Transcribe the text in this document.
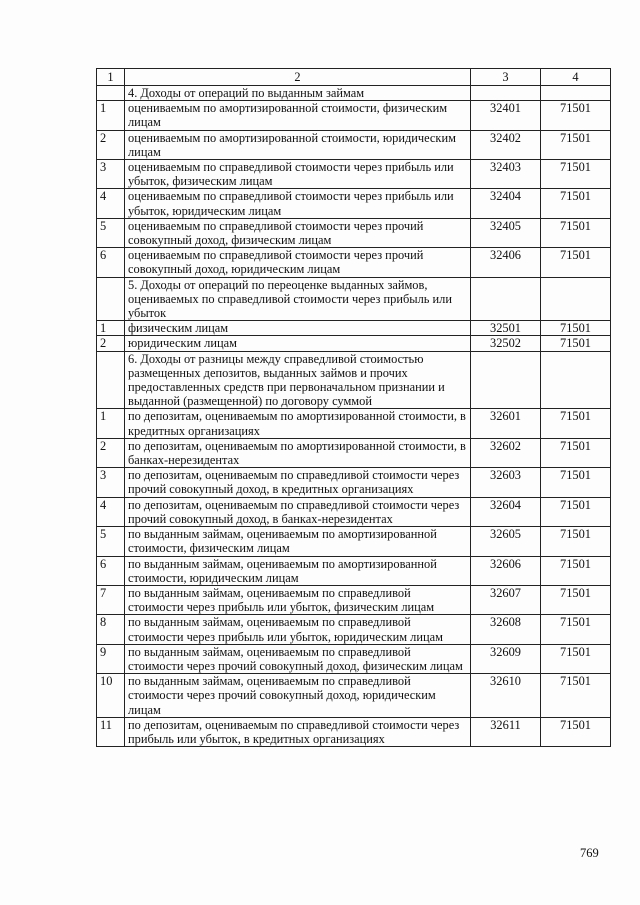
1	2	3	4
	4. Доходы от операций по выданным займам		
1	оцениваемым по амортизированной стоимости, физическим лицам	32401	71501
2	оцениваемым по амортизированной стоимости, юридическим лицам	32402	71501
3	оцениваемым по справедливой стоимости через прибыль или убыток, физическим лицам	32403	71501
4	оцениваемым по справедливой стоимости через прибыль или убыток, юридическим лицам	32404	71501
5	оцениваемым по справедливой стоимости через прочий совокупный доход, физическим лицам	32405	71501
6	оцениваемым по справедливой стоимости через прочий совокупный доход, юридическим лицам	32406	71501
	5. Доходы от операций по переоценке выданных займов, оцениваемых по справедливой стоимости через прибыль или убыток		
1	физическим лицам	32501	71501
2	юридическим лицам	32502	71501
	6. Доходы от разницы между справедливой стоимостью размещенных депозитов, выданных займов и прочих предоставленных средств при первоначальном признании и выданной (размещенной) по договору суммой		
1	по депозитам, оцениваемым по амортизированной стоимости, в кредитных организациях	32601	71501
2	по депозитам, оцениваемым по амортизированной стоимости, в банках-нерезидентах	32602	71501
3	по депозитам, оцениваемым по справедливой стоимости через прочий совокупный доход, в кредитных организациях	32603	71501
4	по депозитам, оцениваемым по справедливой стоимости через прочий совокупный доход, в банках-нерезидентах	32604	71501
5	по выданным займам, оцениваемым по амортизированной стоимости, физическим лицам	32605	71501
6	по выданным займам, оцениваемым по амортизированной стоимости, юридическим лицам	32606	71501
7	по выданным займам, оцениваемым по справедливой стоимости через прибыль или убыток, физическим лицам	32607	71501
8	по выданным займам, оцениваемым по справедливой стоимости через прибыль или убыток, юридическим лицам	32608	71501
9	по выданным займам, оцениваемым по справедливой стоимости через прочий совокупный доход, физическим лицам	32609	71501
10	по выданным займам, оцениваемым по справедливой стоимости через прочий совокупный доход, юридическим лицам	32610	71501
11	по депозитам, оцениваемым по справедливой стоимости через прибыль или убыток, в кредитных организациях	32611	71501
769
